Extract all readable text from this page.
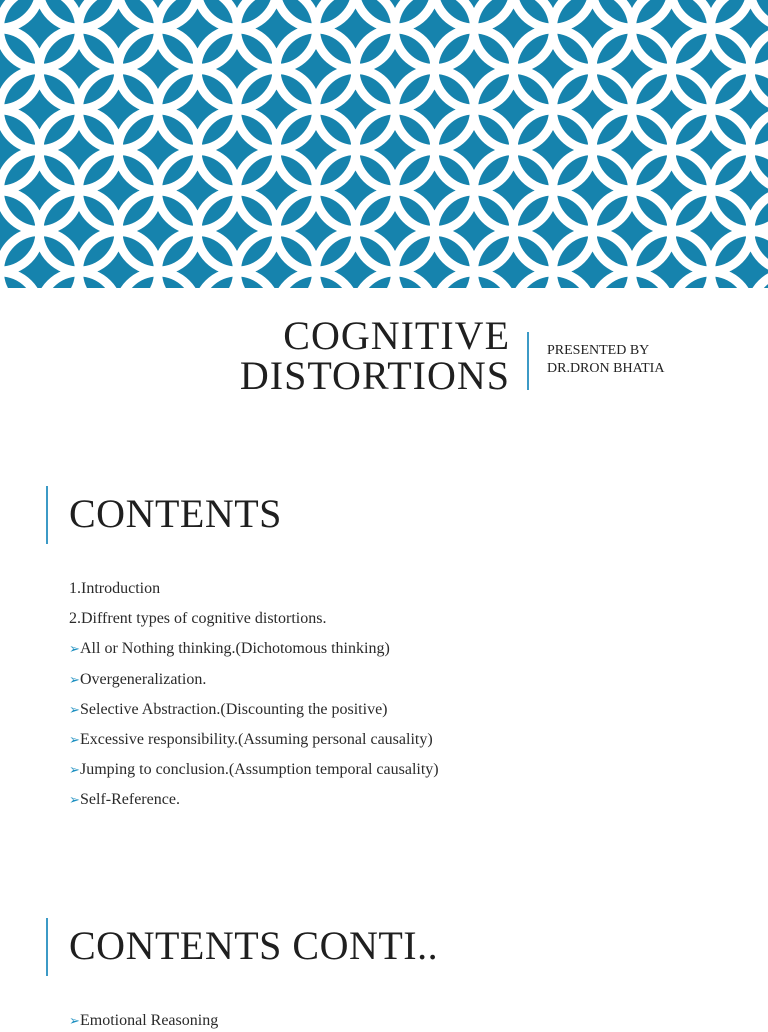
COGNITIVE
DISTORTIONS
PRESENTED BY
DR.DRON BHATIA
CONTENTS
1.Introduction
2.Diffrent types of cognitive distortions.
➢All or Nothing thinking.(Dichotomous thinking)
➢Overgeneralization.
➢Selective Abstraction.(Discounting the positive)
➢Excessive responsibility.(Assuming personal causality)
➢Jumping to conclusion.(Assumption temporal causality)
➢Self-Reference.
CONTENTS CONTI..
➢Emotional Reasoning
